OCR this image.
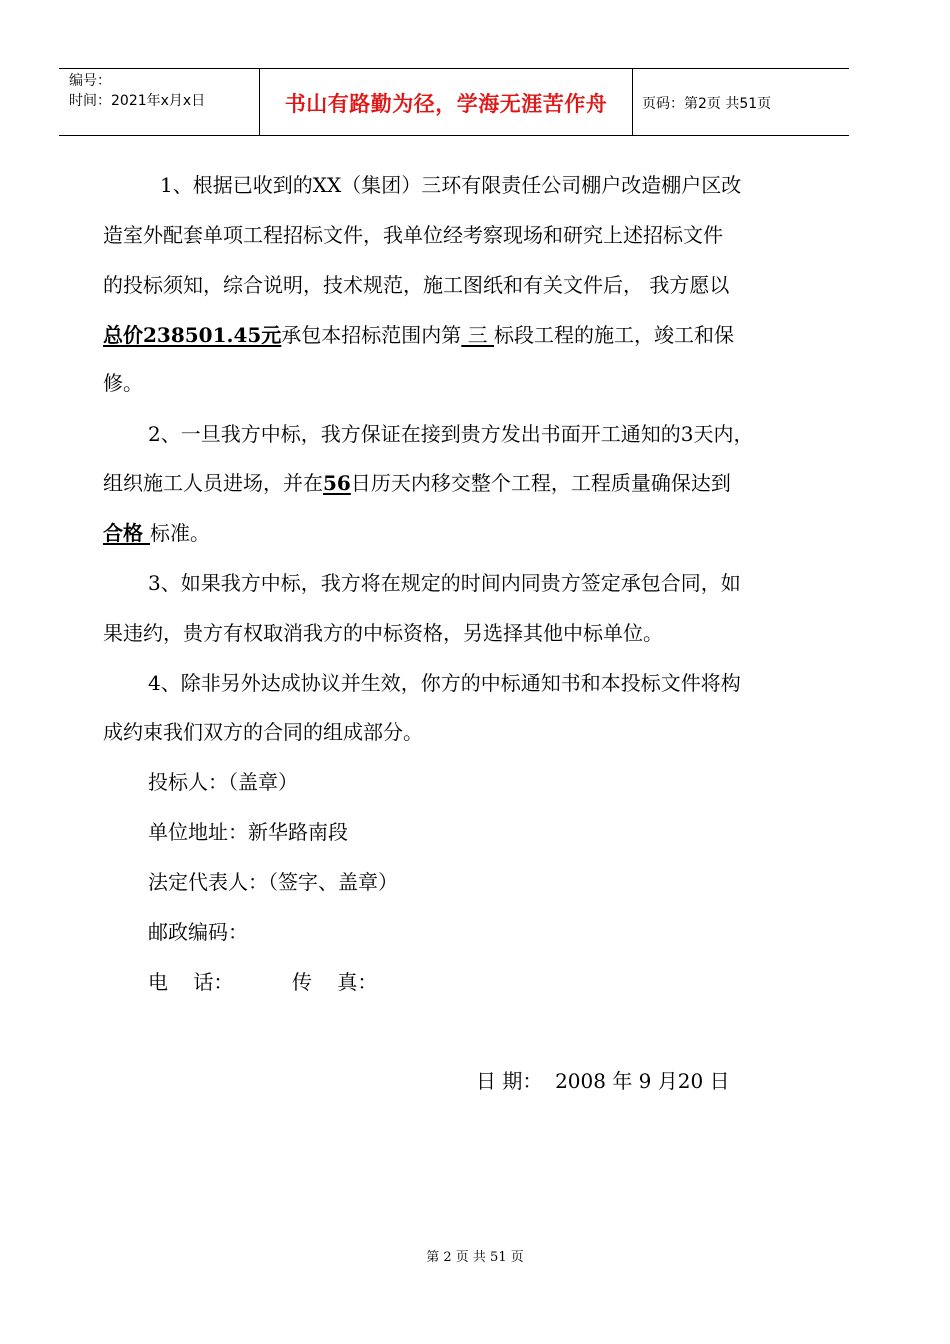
编号：
时间：2021年x月x日	书山有路勤为径，学海无涯苦作舟	页码：第2页 共51页
1、根据已收到的XX（集团）三环有限责任公司棚户改造棚户区改
造室外配套单项工程招标文件，我单位经考察现场和研究上述招标文件
的投标须知，综合说明，技术规范，施工图纸和有关文件后， 我方愿以
总价238501.45元承包本招标范围内第 三 标段工程的施工，竣工和保
修。
2、一旦我方中标，我方保证在接到贵方发出书面开工通知的3天内，
组织施工人员进场，并在56日历天内移交整个工程，工程质量确保达到
合格 标准。
3、如果我方中标，我方将在规定的时间内同贵方签定承包合同，如
果违约，贵方有权取消我方的中标资格，另选择其他中标单位。
4、除非另外达成协议并生效，你方的中标通知书和本投标文件将构
成约束我们双方的合同的组成部分。
投标人：（盖章）
单位地址：新华路南段
法定代表人：（签字、盖章）
邮政编码：
电    话：	传    真：
日 期：  2008 年 9 月20 日
第 2 页 共 51 页
